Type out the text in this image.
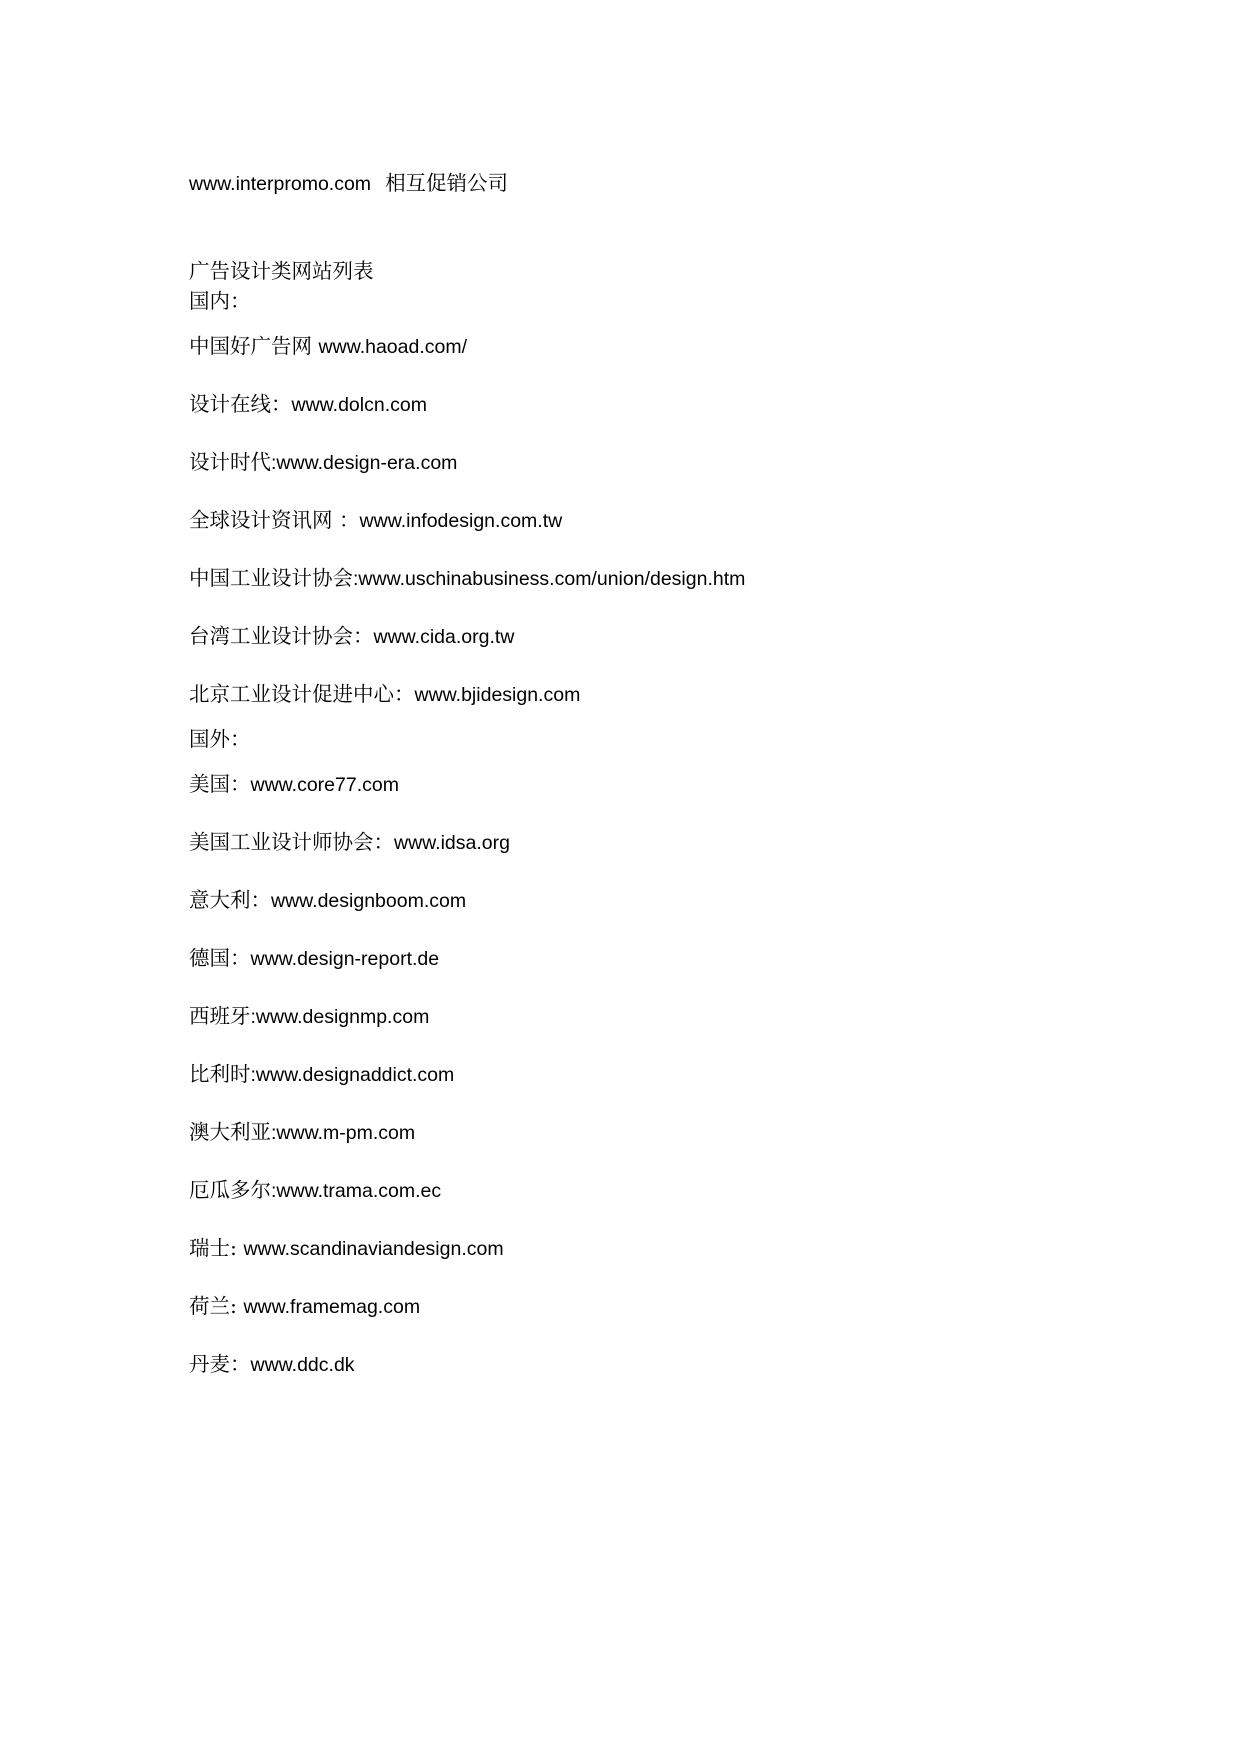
www.interpromo.com 相互促销公司
广告设计类网站列表
国内：
中国好广告网 www.haoad.com/
设计在线：www.dolcn.com
设计时代:www.design-era.com
全球设计资讯网 ：www.infodesign.com.tw
中国工业设计协会:www.uschinabusiness.com/union/design.htm
台湾工业设计协会：www.cida.org.tw
北京工业设计促进中心：www.bjidesign.com
国外：
美国：www.core77.com
美国工业设计师协会：www.idsa.org
意大利：www.designboom.com
德国：www.design-report.de
西班牙:www.designmp.com
比利时:www.designaddict.com
澳大利亚:www.m-pm.com
厄瓜多尔:www.trama.com.ec
瑞士: www.scandinaviandesign.com
荷兰: www.framemag.com
丹麦：www.ddc.dk
